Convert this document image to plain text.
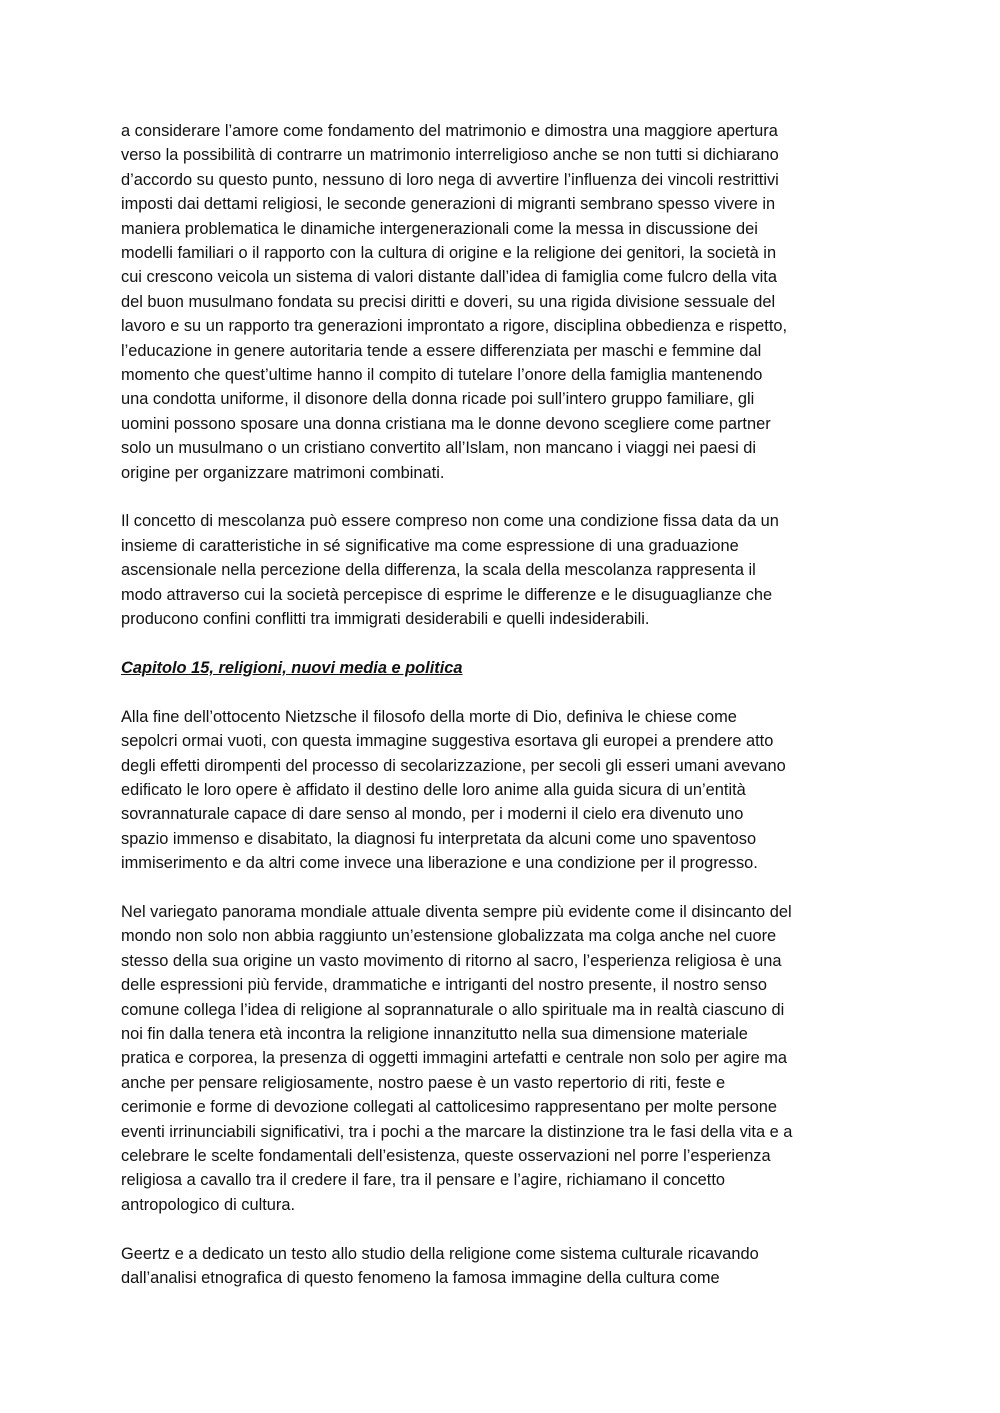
a considerare l’amore come fondamento del matrimonio e dimostra una maggiore apertura
verso la possibilità di contrarre un matrimonio interreligioso anche se non tutti si dichiarano
d’accordo su questo punto, nessuno di loro nega di avvertire l’influenza dei vincoli restrittivi
imposti dai dettami religiosi, le seconde generazioni di migranti sembrano spesso vivere in
maniera problematica le dinamiche intergenerazionali come la messa in discussione dei
modelli familiari o il rapporto con la cultura di origine e la religione dei genitori, la società in
cui crescono veicola un sistema di valori distante dall’idea di famiglia come fulcro della vita
del buon musulmano fondata su precisi diritti e doveri, su una rigida divisione sessuale del
lavoro e su un rapporto tra generazioni improntato a rigore, disciplina obbedienza e rispetto,
l’educazione in genere autoritaria tende a essere differenziata per maschi e femmine dal
momento che quest’ultime hanno il compito di tutelare l’onore della famiglia mantenendo
una condotta uniforme, il disonore della donna ricade poi sull’intero gruppo familiare, gli
uomini possono sposare una donna cristiana ma le donne devono scegliere come partner
solo un musulmano o un cristiano convertito all’Islam, non mancano i viaggi nei paesi di
origine per organizzare matrimoni combinati.
Il concetto di mescolanza può essere compreso non come una condizione fissa data da un
insieme di caratteristiche in sé significative ma come espressione di una graduazione
ascensionale nella percezione della differenza, la scala della mescolanza rappresenta il
modo attraverso cui la società percepisce di esprime le differenze e le disuguaglianze che
producono confini conflitti tra immigrati desiderabili e quelli indesiderabili.
Capitolo 15, religioni, nuovi media e politica
Alla fine dell’ottocento Nietzsche il filosofo della morte di Dio, definiva le chiese come
sepolcri ormai vuoti, con questa immagine suggestiva esortava gli europei a prendere atto
degli effetti dirompenti del processo di secolarizzazione, per secoli gli esseri umani avevano
edificato le loro opere è affidato il destino delle loro anime alla guida sicura di un’entità
sovrannaturale capace di dare senso al mondo, per i moderni il cielo era divenuto uno
spazio immenso e disabitato, la diagnosi fu interpretata da alcuni come uno spaventoso
immiserimento e da altri come invece una liberazione e una condizione per il progresso.
Nel variegato panorama mondiale attuale diventa sempre più evidente come il disincanto del
mondo non solo non abbia raggiunto un’estensione globalizzata ma colga anche nel cuore
stesso della sua origine un vasto movimento di ritorno al sacro, l’esperienza religiosa è una
delle espressioni più fervide, drammatiche e intriganti del nostro presente, il nostro senso
comune collega l’idea di religione al soprannaturale o allo spirituale ma in realtà ciascuno di
noi fin dalla tenera età incontra la religione innanzitutto nella sua dimensione materiale
pratica e corporea, la presenza di oggetti immagini artefatti e centrale non solo per agire ma
anche per pensare religiosamente, nostro paese è un vasto repertorio di riti, feste e
cerimonie e forme di devozione collegati al cattolicesimo rappresentano per molte persone
eventi irrinunciabili significativi, tra i pochi a the marcare la distinzione tra le fasi della vita e a
celebrare le scelte fondamentali dell’esistenza, queste osservazioni nel porre l’esperienza
religiosa a cavallo tra il credere il fare, tra il pensare e l’agire, richiamano il concetto
antropologico di cultura.
Geertz e a dedicato un testo allo studio della religione come sistema culturale ricavando
dall’analisi etnografica di questo fenomeno la famosa immagine della cultura come
